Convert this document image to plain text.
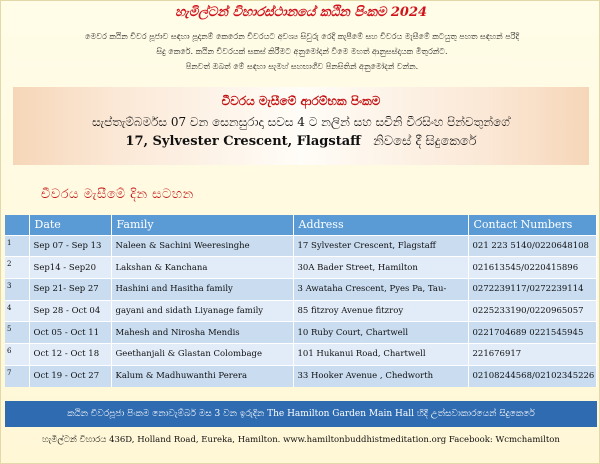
හැමිල්ටන් විහාරස්ථානයේ කඨින පිංකම 2024

මෙවර කඨින චීවර පූජාව සඳහා පූදානම් කෙරෙන චීවරයට අවශ්‍ය සිවුරු රෙදි කැපීමේ සහ චීවරය මැසීමේ කටයුතු පහත සඳහන් පරිදි

සිදු කෙරේ. කඨින චීවරයක් සකස් කිරීමට අනුමෝදන් වීමෙ මහත් ආනුසස්දායක මිතුරන්ට.

පිනවත් ඔබත් මේ සඳහා සැමහ් සහභාගීව පිනසිතින් අනුමෝදන් වන්න.

චීවරය මැසීමේ ආරම්භක පිංකම
සැප්තැම්බර්මස 07 වන සෙනසුරාදා සවස 4 ට නලින් සහ සචිනි වීරසිංහ පින්වතුන්ගේ
17, Sylvester Crescent, Flagstaff නිවසේ දී සිදුකෙරේ
චීවරය මැසීමේ දින සටහන
	Date	Family	Address	Contact Numbers
1	Sep 07 - Sep 13	Naleen & Sachini Weeresinghe	17 Sylvester Crescent, Flagstaff	021 223 5140/0220648108
2	Sep14 - Sep20	Lakshan & Kanchana	30A Bader Street, Hamilton	021613545/0220415896
3	Sep 21- Sep 27	Hashini and Hasitha family	3 Awataha Crescent, Pyes Pa, Tau-	0272239117/0272239114
4	Sep 28 - Oct 04	gayani and sidath Liyanage family	85 fitzroy Avenue fitzroy	0225233190/0220965057
5	Oct 05 - Oct 11	Mahesh and Nirosha Mendis	10 Ruby Court, Chartwell	0221704689 0221545945
6	Oct 12 - Oct 18	Geethanjali & Glastan Colombage	101 Hukanui Road, Chartwell	221676917
7	Oct 19 - Oct 27	Kalum & Madhuwanthi Perera	33 Hooker Avenue , Chedworth	02108244568/02102345226
කඨින චීවරපූජා පිංකම නොවැම්බර් මස 3 වන ඉරුදින The Hamilton Garden Main Hall හිදී උත්සවාකාරයෙන් සිදුකෙරේ
හැමිල්ටන් විහාරය 436D, Holland Road, Eureka, Hamilton. www.hamiltonbuddhistmeditation.org Facebook: Wcmchamilton
